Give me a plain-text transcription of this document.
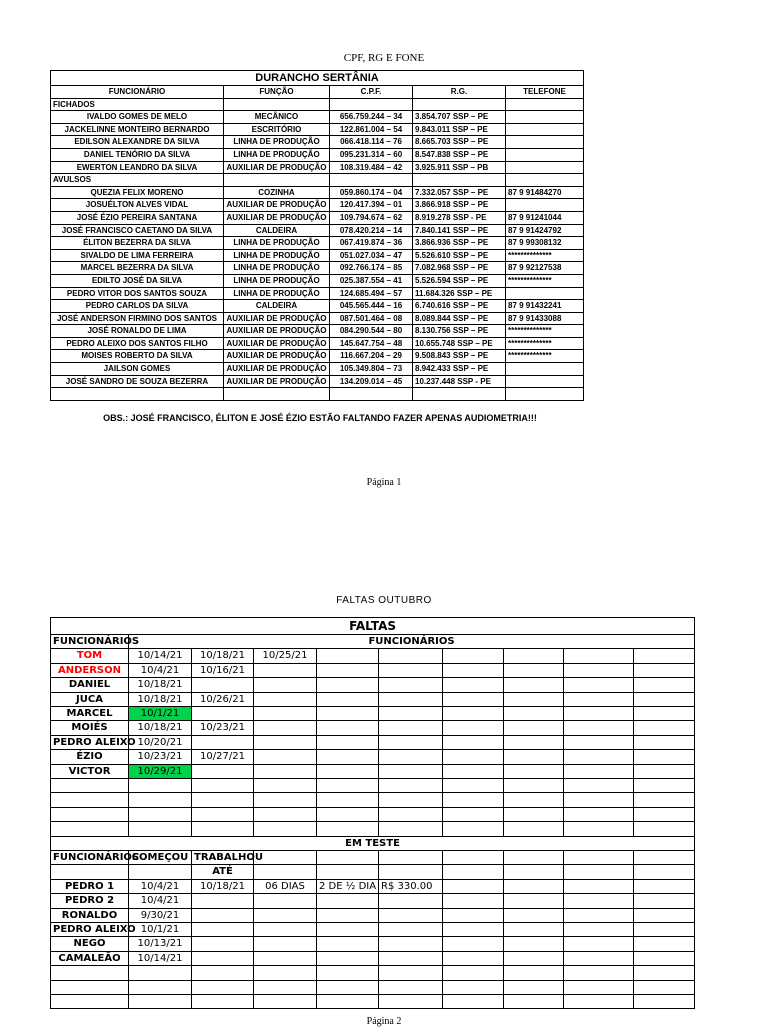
CPF, RG E FONE
DURANCHO SERTÂNIA				
FUNCIONÁRIO	FUNÇÃO	C.P.F.	R.G.	TELEFONE
FICHADOS				
IVALDO GOMES DE MELO	MECÂNICO	656.759.244 – 34	3.854.707 SSP – PE	
JACKELINNE MONTEIRO BERNARDO	ESCRITÓRIO	122.861.004 – 54	9.843.011 SSP – PE	
EDILSON ALEXANDRE DA SILVA	LINHA DE PRODUÇÃO	066.418.114 – 76	8.665.703 SSP – PE	
DANIEL TENÓRIO DA SILVA	LINHA DE PRODUÇÃO	095.231.314 – 60	8.547.838 SSP – PE	
EWERTON LEANDRO DA SILVA	AUXILIAR DE PRODUÇÃO	108.319.484 – 42	3.925.911 SSP – PB	
AVULSOS				
QUEZIA FELIX MORENO	COZINHA	059.860.174 – 04	7.332.057 SSP – PE	87 9 91484270
JOSUÉLTON ALVES VIDAL	AUXILIAR DE PRODUÇÃO	120.417.394 – 01	3.866.918 SSP – PE	
JOSÉ ÉZIO PEREIRA SANTANA	AUXILIAR DE PRODUÇÃO	109.794.674 – 62	8.919.278 SSP - PE	87 9 91241044
JOSÉ FRANCISCO CAETANO DA SILVA	CALDEIRA	078.420.214 – 14	7.840.141 SSP – PE	87 9 91424792
ÉLITON BEZERRA DA SILVA	LINHA DE PRODUÇÃO	067.419.874 – 36	3.866.936 SSP – PE	87 9 99308132
SIVALDO DE LIMA FERREIRA	LINHA DE PRODUÇÃO	051.027.034 – 47	5.526.610 SSP – PE	**************
MARCEL BEZERRA DA SILVA	LINHA DE PRODUÇÃO	092.766.174 – 85	7.082.968 SSP – PE	87 9 92127538
EDILTO JOSÉ DA SILVA	LINHA DE PRODUÇÃO	025.387.554 – 41	5.526.594 SSP – PE	**************
PEDRO VITOR DOS SANTOS SOUZA	LINHA DE PRODUÇÃO	124.685.494 – 57	11.684.326 SSP – PE	
PEDRO CARLOS DA SILVA	CALDEIRA	045.565.444 – 16	6.740.616 SSP – PE	87 9 91432241
JOSÉ ANDERSON FIRMINO DOS SANTOS	AUXILIAR DE PRODUÇÃO	087.501.464 – 08	8.089.844 SSP – PE	87 9 91433088
JOSÉ RONALDO DE LIMA	AUXILIAR DE PRODUÇÃO	084.290.544 – 80	8.130.756 SSP – PE	**************
PEDRO ALEIXO DOS SANTOS FILHO	AUXILIAR DE PRODUÇÃO	145.647.754 – 48	10.655.748 SSP – PE	**************
MOISES ROBERTO DA SILVA	AUXILIAR DE PRODUÇÃO	116.667.204 – 29	9.508.843 SSP – PE	**************
JAILSON GOMES	AUXILIAR DE PRODUÇÃO	105.349.804 – 73	8.942.433 SSP – PE	
JOSÉ SANDRO DE SOUZA BEZERRA	AUXILIAR DE PRODUÇÃO	134.209.014 – 45	10.237.448 SSP - PE	

OBS.: JOSÉ FRANCISCO, ÉLITON E JOSÉ ÉZIO ESTÃO FALTANDO FAZER APENAS AUDIOMETRIA!!!
Página 1
FALTAS OUTUBRO
FALTAS									
FUNCIONÁRIOS	FUNCIONÁRIOS								
TOM	10/14/21	10/18/21	10/25/21						
ANDERSON	10/4/21	10/16/21							
DANIEL	10/18/21								
JUCA	10/18/21	10/26/21							
MARCEL	10/1/21								
MOIÉS	10/18/21	10/23/21							
PEDRO ALEIXO	10/20/21								
ÉZIO	10/23/21	10/27/21							
VICTOR	10/29/21								

EM TESTE									
FUNCIONÁRIOS	COMEÇOU	TRABALHOU							
		ATÉ							
PEDRO 1	10/4/21	10/18/21	06 DIAS	2 DE ½ DIA	R$ 330.00				
PEDRO 2	10/4/21								
RONALDO	9/30/21								
PEDRO ALEIXO	10/1/21								
NEGO	10/13/21								
CAMALEÃO	10/14/21								

Página 2
